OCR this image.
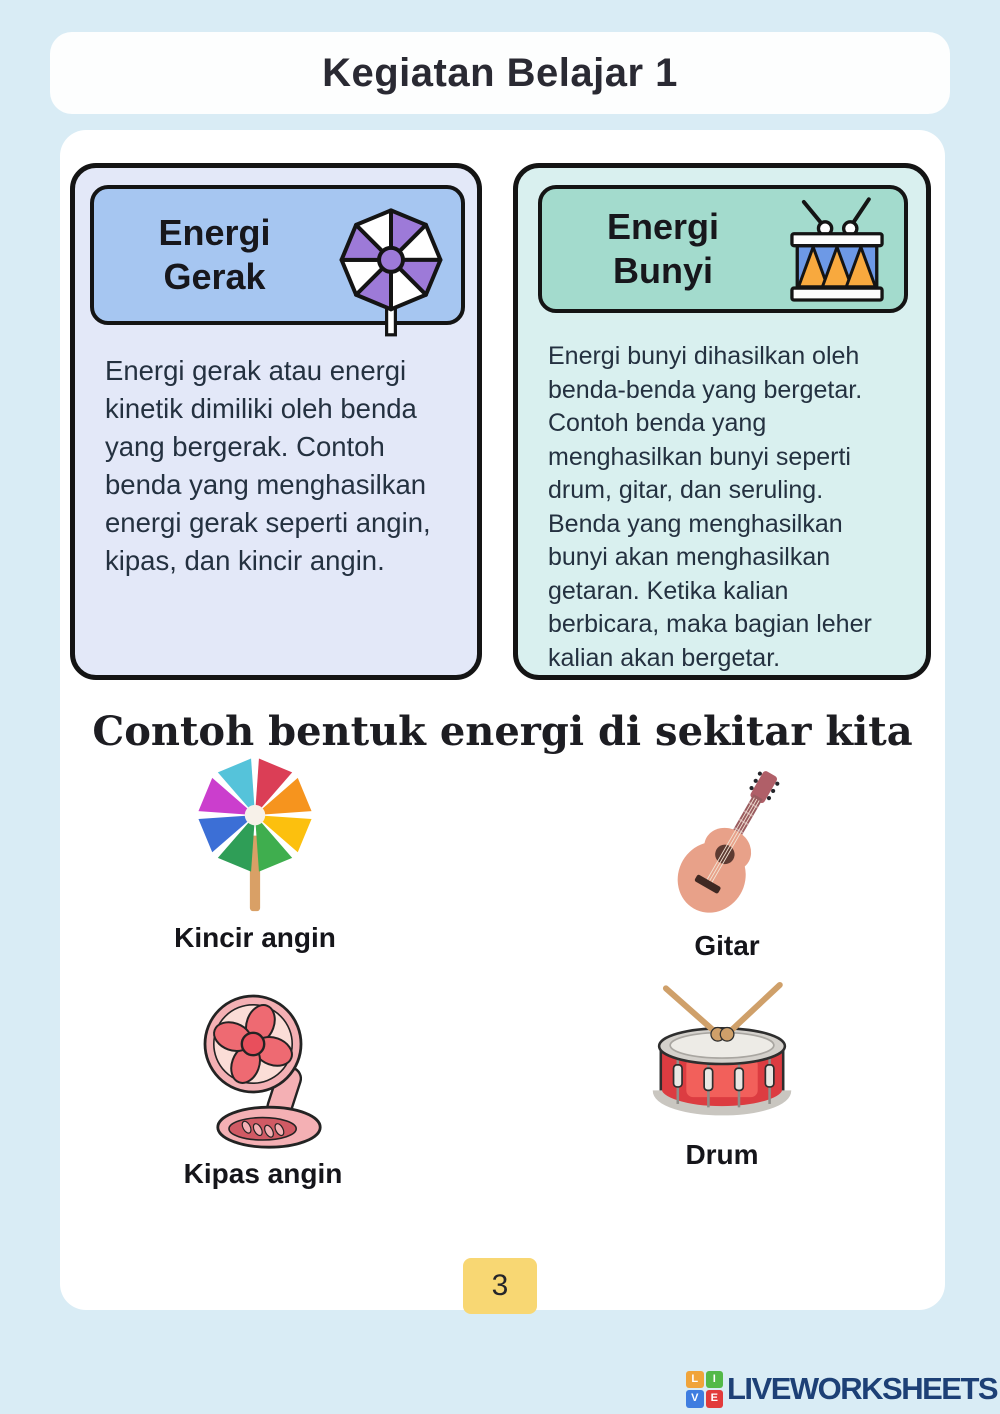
Kegiatan Belajar 1
Energi
Gerak

Energi gerak atau energi kinetik dimiliki oleh benda yang bergerak. Contoh benda yang menghasilkan energi gerak seperti angin, kipas, dan kincir angin.

Energi
Bunyi

Energi bunyi dihasilkan oleh benda-benda yang bergetar. Contoh benda yang menghasilkan bunyi seperti drum, gitar, dan seruling. Benda yang menghasilkan bunyi akan menghasilkan getaran. Ketika kalian berbicara, maka bagian leher kalian akan bergetar.

Contoh bentuk energi di sekitar kita
Kincir angin	Gitar
Kipas angin
Drum
3
L	I
V	E LIVEWORKSHEETS
